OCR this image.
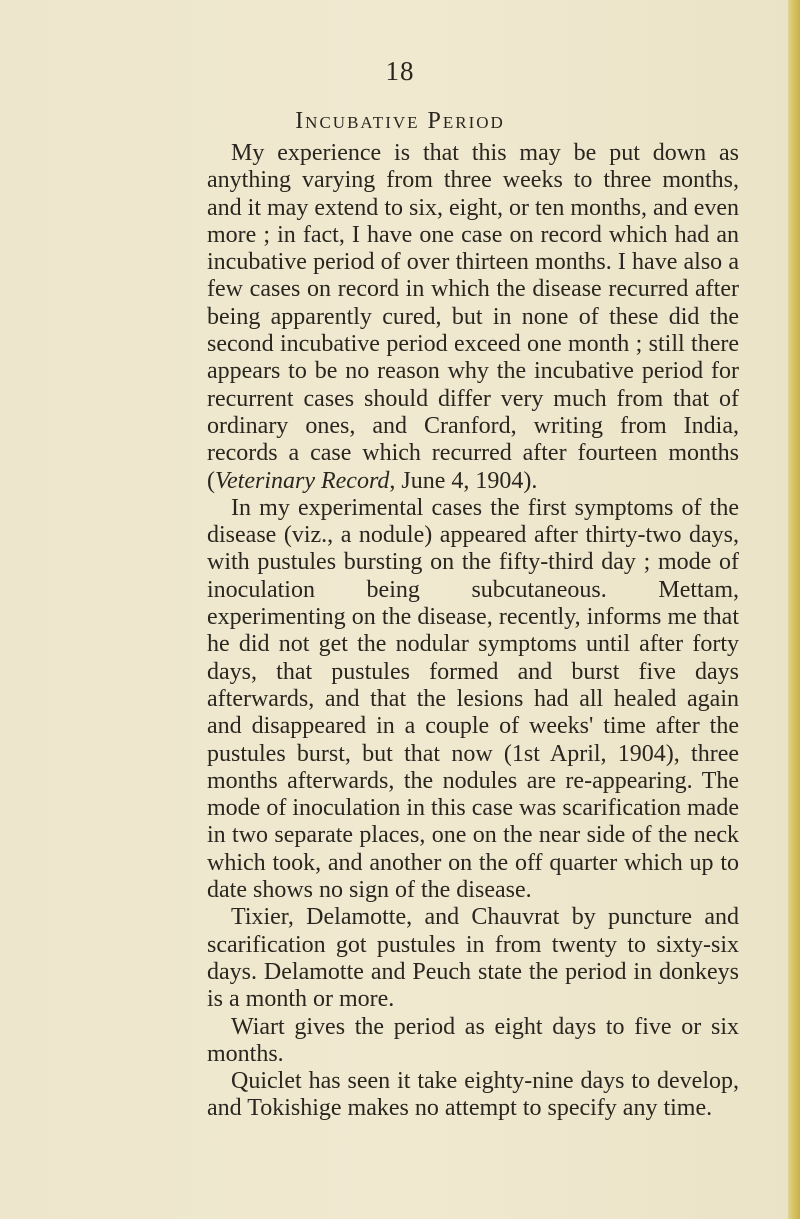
18
Incubative Period

My experience is that this may be put down as anything varying from three weeks to three months, and it may extend to six, eight, or ten months, and even more ; in fact, I have one case on record which had an incubative period of over thirteen months. I have also a few cases on record in which the disease recurred after being apparently cured, but in none of these did the second incubative period exceed one month ; still there appears to be no reason why the incubative period for recurrent cases should differ very much from that of ordinary ones, and Cranford, writing from India, records a case which recurred after fourteen months (Veterinary Record, June 4, 1904).

In my experimental cases the first symptoms of the disease (viz., a nodule) appeared after thirty-two days, with pustules bursting on the fifty-third day ; mode of inoculation being subcutaneous. Mettam, experimenting on the disease, recently, informs me that he did not get the nodular symptoms until after forty days, that pustules formed and burst five days afterwards, and that the lesions had all healed again and disappeared in a couple of weeks' time after the pustules burst, but that now (1st April, 1904), three months afterwards, the nodules are re-appearing. The mode of inoculation in this case was scarification made in two separate places, one on the near side of the neck which took, and another on the off quarter which up to date shows no sign of the disease.

Tixier, Delamotte, and Chauvrat by puncture and scarification got pustules in from twenty to sixty-six days. Delamotte and Peuch state the period in donkeys is a month or more.

Wiart gives the period as eight days to five or six months.

Quiclet has seen it take eighty-nine days to develop, and Tokishige makes no attempt to specify any time.
